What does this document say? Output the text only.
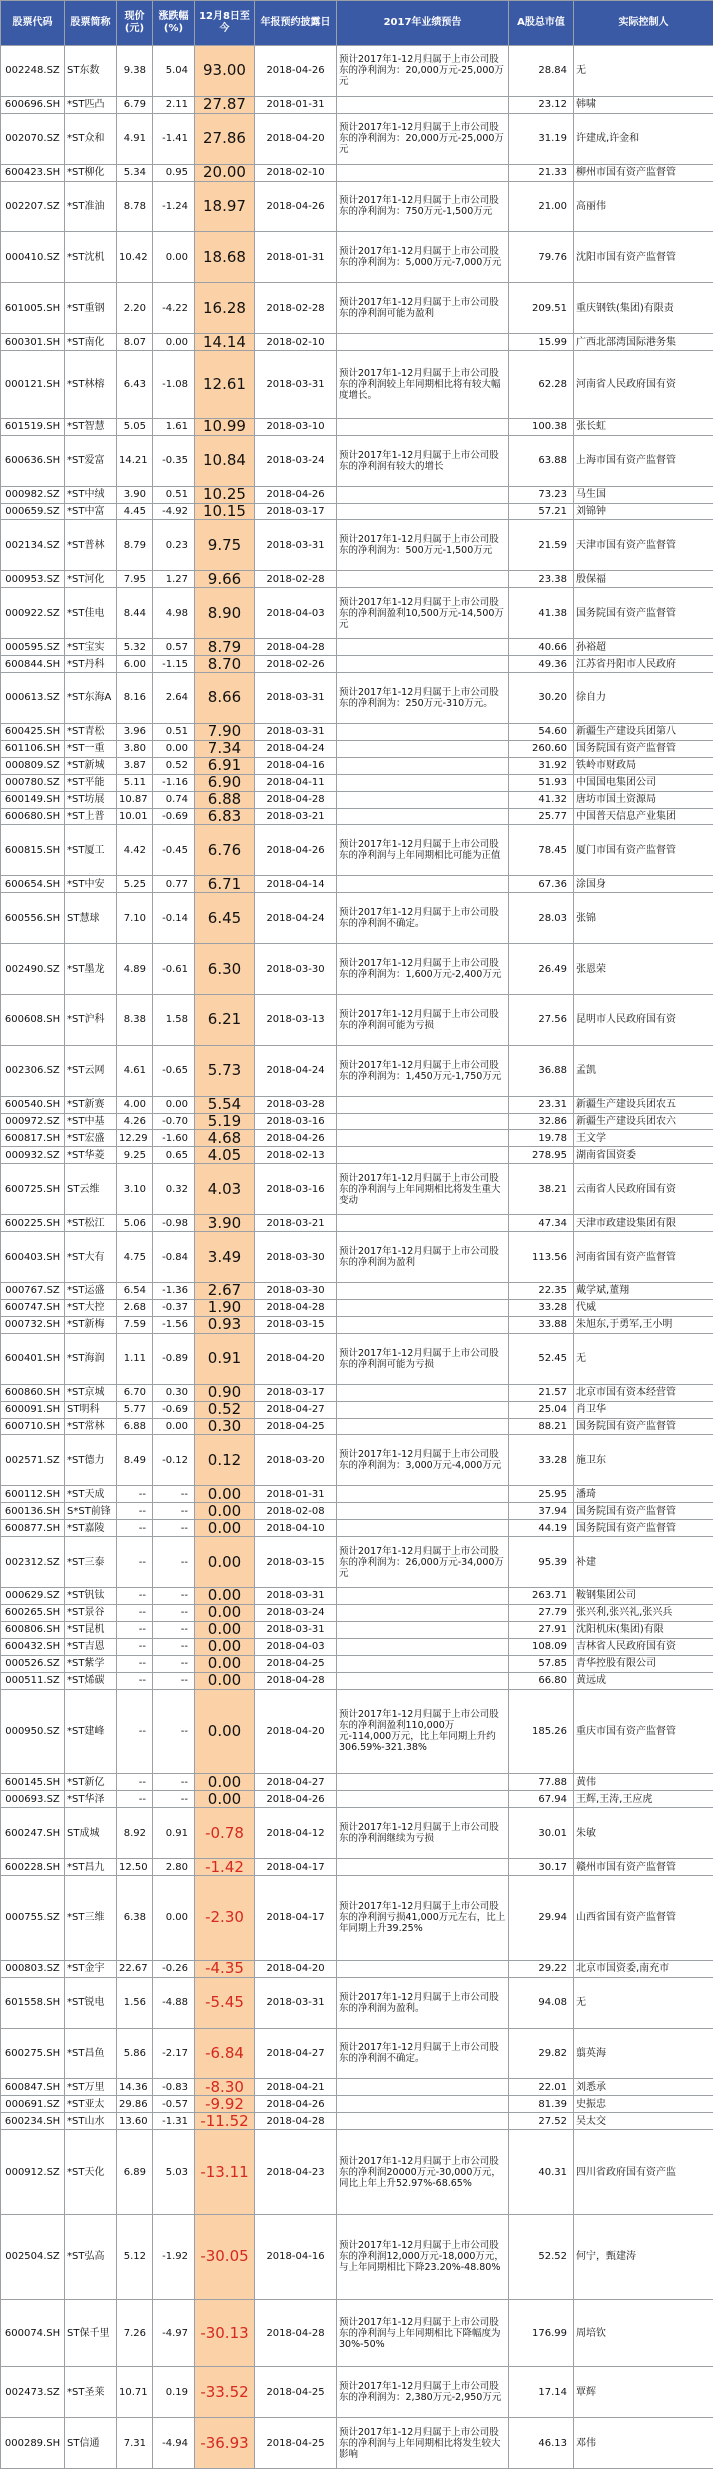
股票代码	股票简称	现价(元)	涨跌幅(%)	12月8日至今	年报预约披露日	2017年业绩预告	A股总市值	实际控制人
002248.SZ	ST东数	9.38	5.04	93.00	2018-04-26	预计2017年1-12月归属于上市公司股东的净利润为：20,000万元-25,000万元	28.84	无
600696.SH	*ST匹凸	6.79	2.11	27.87	2018-01-31		23.12	韩啸
002070.SZ	*ST众和	4.91	-1.41	27.86	2018-04-20	预计2017年1-12月归属于上市公司股东的净利润为：20,000万元-25,000万元	31.19	许建成,许金和
600423.SH	*ST柳化	5.34	0.95	20.00	2018-02-10		21.33	柳州市国有资产监督管
002207.SZ	*ST准油	8.78	-1.24	18.97	2018-04-26	预计2017年1-12月归属于上市公司股东的净利润为：750万元-1,500万元	21.00	高丽伟
000410.SZ	*ST沈机	10.42	0.00	18.68	2018-01-31	预计2017年1-12月归属于上市公司股东的净利润为：5,000万元-7,000万元	79.76	沈阳市国有资产监督管
601005.SH	*ST重钢	2.20	-4.22	16.28	2018-02-28	预计2017年1-12月归属于上市公司股东的净利润可能为盈利	209.51	重庆钢铁(集团)有限责
600301.SH	*ST南化	8.07	0.00	14.14	2018-02-10		15.99	广西北部湾国际港务集
000121.SH	*ST林榕	6.43	-1.08	12.61	2018-03-31	预计2017年1-12月归属于上市公司股东的净利润较上年同期相比将有较大幅度增长。	62.28	河南省人民政府国有资
601519.SH	*ST智慧	5.05	1.61	10.99	2018-03-10		100.38	张长虹
600636.SH	*ST爱富	14.21	-0.35	10.84	2018-03-24	预计2017年1-12月归属于上市公司股东的净利润有较大的增长	63.88	上海市国有资产监督管
000982.SZ	*ST中绒	3.90	0.51	10.25	2018-04-26		73.23	马生国
000659.SZ	*ST中富	4.45	-4.92	10.15	2018-03-17		57.21	刘锦钟
002134.SZ	*ST普林	8.79	0.23	9.75	2018-03-31	预计2017年1-12月归属于上市公司股东的净利润为：500万元-1,500万元	21.59	天津市国有资产监督管
000953.SZ	*ST河化	7.95	1.27	9.66	2018-02-28		23.38	殷保福
000922.SZ	*ST佳电	8.44	4.98	8.90	2018-04-03	预计2017年1-12月归属于上市公司股东的净利润盈利10,500万元-14,500万元	41.38	国务院国有资产监督管
000595.SZ	*ST宝实	5.32	0.57	8.79	2018-04-28		40.66	孙裕超
600844.SH	*ST丹科	6.00	-1.15	8.70	2018-02-26		49.36	江苏省丹阳市人民政府
000613.SZ	*ST东海A	8.16	2.64	8.66	2018-03-31	预计2017年1-12月归属于上市公司股东的净利润为：250万元-310万元。	30.20	徐自力
600425.SH	*ST青松	3.96	0.51	7.90	2018-03-31		54.60	新疆生产建设兵团第八
601106.SH	*ST一重	3.80	0.00	7.34	2018-04-24		260.60	国务院国有资产监督管
000809.SZ	*ST新城	3.87	0.52	6.91	2018-04-16		31.92	铁岭市财政局
000780.SZ	*ST平能	5.11	-1.16	6.90	2018-04-11		51.93	中国国电集团公司
600149.SH	*ST坊展	10.87	0.74	6.88	2018-04-28		41.32	唐坊市国土资源局
600680.SH	*ST上普	10.01	-0.69	6.83	2018-03-21		25.77	中国普天信息产业集团
600815.SH	*ST厦工	4.42	-0.45	6.76	2018-04-26	预计2017年1-12月归属于上市公司股东的净利润与上年同期相比可能为正值	78.45	厦门市国有资产监督管
600654.SH	*ST中安	5.25	0.77	6.71	2018-04-14		67.36	涂国身
600556.SH	ST慧球	7.10	-0.14	6.45	2018-04-24	预计2017年1-12月归属于上市公司股东的净利润不确定。	28.03	张锦
002490.SZ	*ST墨龙	4.89	-0.61	6.30	2018-03-30	预计2017年1-12月归属于上市公司股东的净利润为：1,600万元-2,400万元	26.49	张恩荣
600608.SH	*ST沪科	8.38	1.58	6.21	2018-03-13	预计2017年1-12月归属于上市公司股东的净利润可能为亏损	27.56	昆明市人民政府国有资
002306.SZ	*ST云网	4.61	-0.65	5.73	2018-04-24	预计2017年1-12月归属于上市公司股东的净利润为：1,450万元-1,750万元	36.88	孟凯
600540.SH	*ST新赛	4.00	0.00	5.54	2018-03-28		23.31	新疆生产建设兵团农五
000972.SZ	*ST中基	4.26	-0.70	5.19	2018-03-16		32.86	新疆生产建设兵团农六
600817.SH	*ST宏盛	12.29	-1.60	4.68	2018-04-26		19.78	王文学
000932.SZ	*ST华菱	9.25	0.65	4.05	2018-02-13		278.95	湖南省国资委
600725.SH	ST云维	3.10	0.32	4.03	2018-03-16	预计2017年1-12月归属于上市公司股东的净利润与上年同期相比将发生重大变动	38.21	云南省人民政府国有资
600225.SH	*ST松江	5.06	-0.98	3.90	2018-03-21		47.34	天津市政建设集团有限
600403.SH	*ST大有	4.75	-0.84	3.49	2018-03-30	预计2017年1-12月归属于上市公司股东的净利润为盈利	113.56	河南省国有资产监督管
000767.SZ	*ST运盛	6.54	-1.36	2.67	2018-03-30		22.35	戴学斌,董翔
600747.SH	*ST大控	2.68	-0.37	1.90	2018-04-28		33.28	代威
000732.SH	*ST新梅	7.59	-1.56	0.93	2018-03-15		33.88	朱旭东,于勇军,王小明
600401.SH	*ST海润	1.11	-0.89	0.91	2018-04-20	预计2017年1-12月归属于上市公司股东的净利润可能为亏损	52.45	无
600860.SH	*ST京城	6.70	0.30	0.90	2018-03-17		21.57	北京市国有资本经营管
600091.SH	ST明科	5.77	-0.69	0.52	2018-04-27		25.04	肖卫华
600710.SH	*ST常林	6.88	0.00	0.30	2018-04-25		88.21	国务院国有资产监督管
002571.SZ	*ST德力	8.49	-0.12	0.12	2018-03-20	预计2017年1-12月归属于上市公司股东的净利润为：3,000万元-4,000万元	33.28	施卫东
600112.SH	*ST天成	--	--	0.00	2018-01-31		25.95	潘琦
600136.SH	S*ST前锋	--	--	0.00	2018-02-08		37.94	国务院国有资产监督管
600877.SH	*ST嘉陵	--	--	0.00	2018-04-10		44.19	国务院国有资产监督管
002312.SZ	*ST三泰	--	--	0.00	2018-03-15	预计2017年1-12月归属于上市公司股东的净利润为：26,000万元-34,000万元	95.39	补建
000629.SZ	*ST钒钛	--	--	0.00	2018-03-31		263.71	鞍钢集团公司
600265.SH	*ST景谷	--	--	0.00	2018-03-24		27.79	张兴利,张兴礼,张兴兵
600806.SH	*ST昆机	--	--	0.00	2018-03-31		27.91	沈阳机床(集团)有限
600432.SH	*ST吉恩	--	--	0.00	2018-04-03		108.09	吉林省人民政府国有资
000526.SZ	*ST紫学	--	--	0.00	2018-04-25		57.85	青华控股有限公司
000511.SZ	*ST烯碳	--	--	0.00	2018-04-28		66.80	黄远成
000950.SZ	*ST建峰	--	--	0.00	2018-04-20	预计2017年1-12月归属于上市公司股东的净利润盈利110,000万元-114,000万元，比上年同期上升约306.59%-321.38%	185.26	重庆市国有资产监督管
600145.SH	*ST新亿	--	--	0.00	2018-04-27		77.88	黄伟
000693.SZ	*ST华泽	--	--	0.00	2018-04-26		67.94	王辉,王涛,王应虎
600247.SH	ST成城	8.92	0.91	-0.78	2018-04-12	预计2017年1-12月归属于上市公司股东的净利润继续为亏损	30.01	朱敏
600228.SH	*ST昌九	12.50	2.80	-1.42	2018-04-17		30.17	赣州市国有资产监督管
000755.SZ	*ST三维	6.38	0.00	-2.30	2018-04-17	预计2017年1-12月归属于上市公司股东的净利润亏损41,000万元左右，比上年同期上升39.25%	29.94	山西省国有资产监督管
000803.SZ	*ST金宇	22.67	-0.26	-4.35	2018-04-20		29.22	北京市国资委,南充市
601558.SH	*ST锐电	1.56	-4.88	-5.45	2018-03-31	预计2017年1-12月归属于上市公司股东的净利润为盈利。	94.08	无
600275.SH	*ST昌鱼	5.86	-2.17	-6.84	2018-04-27	预计2017年1-12月归属于上市公司股东的净利润不确定。	29.82	翦英海
600847.SH	*ST万里	14.36	-0.83	-8.30	2018-04-21		22.01	刘悉承
000691.SZ	*ST亚太	29.86	-0.57	-9.92	2018-04-26		81.39	史振忠
600234.SH	*ST山水	13.60	-1.31	-11.52	2018-04-28		27.52	吴太交
000912.SZ	*ST天化	6.89	5.03	-13.11	2018-04-23	预计2017年1-12月归属于上市公司股东的净利润20000万元-30,000万元，同比上年上升52.97%-68.65%	40.31	四川省政府国有资产监
002504.SZ	*ST弘高	5.12	-1.92	-30.05	2018-04-16	预计2017年1-12月归属于上市公司股东的净利润12,000万元-18,000万元，与上年同期相比下降23.20%-48.80%	52.52	何宁，甄建涛
600074.SH	ST保千里	7.26	-4.97	-30.13	2018-04-28	预计2017年1-12月归属于上市公司股东的净利润与上年同期相比下降幅度为30%-50%	176.99	周培钦
002473.SZ	*ST圣莱	10.71	0.19	-33.52	2018-04-25	预计2017年1-12月归属于上市公司股东的净利润为：2,380万元-2,950万元	17.14	覃辉
000289.SH	ST信通	7.31	-4.94	-36.93	2018-04-25	预计2017年1-12月归属于上市公司股东的净利润与上年同期相比将发生较大影响	46.13	邓伟
